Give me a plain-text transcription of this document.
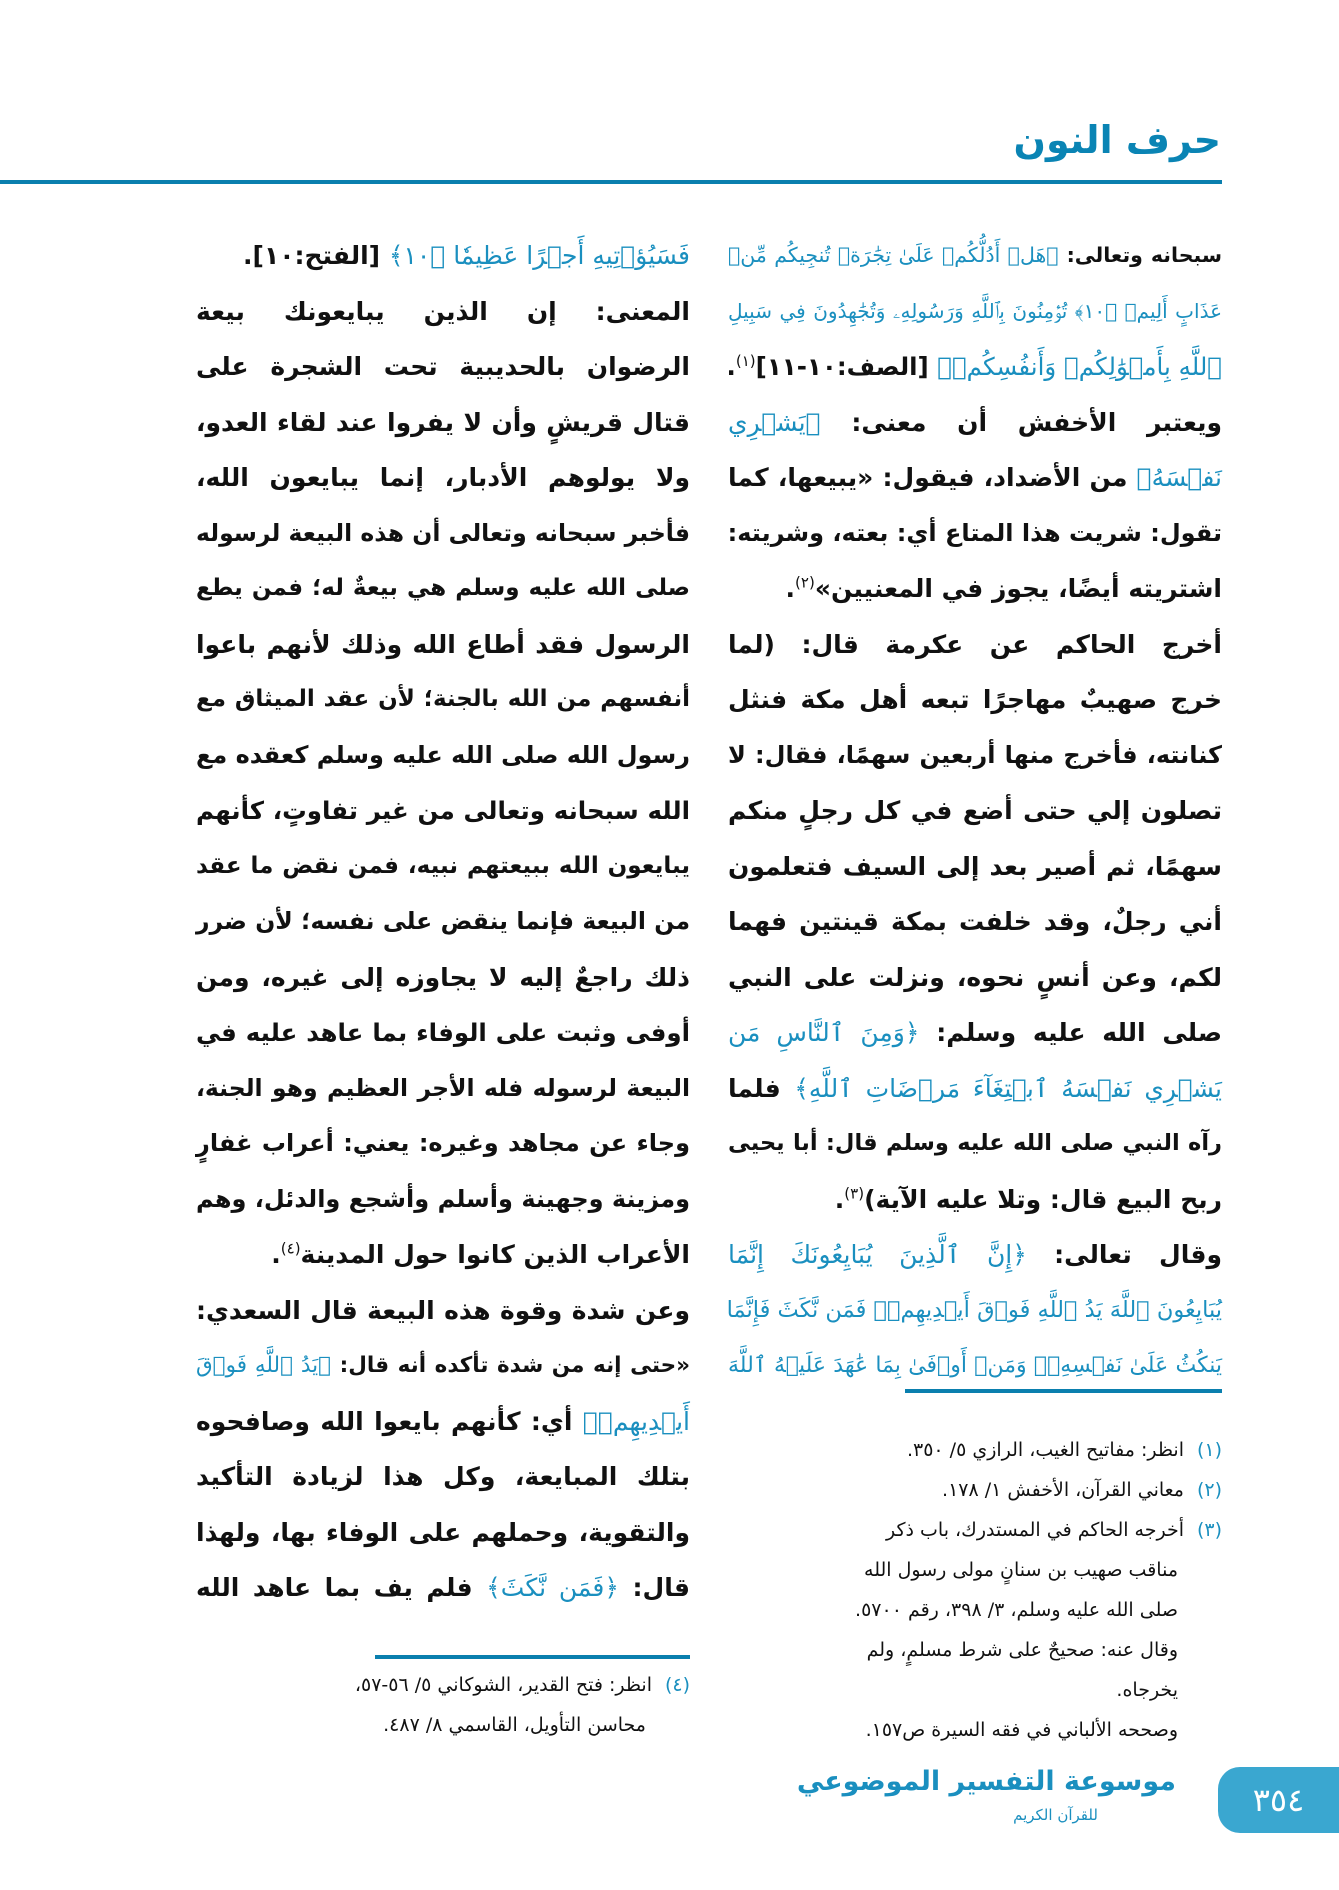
حرف النون
سبحانه وتعالى: ﴿هَلۡ أَدُلُّكُمۡ عَلَىٰ تِجَٰرَةٖ تُنجِيكُم مِّنۡ
عَذَابٍ أَلِيمٖ ﴿١٠﴾ تُؤۡمِنُونَ بِٱللَّهِ وَرَسُولِهِۦ وَتُجَٰهِدُونَ فِي سَبِيلِ
ٱللَّهِ بِأَمۡوَٰلِكُمۡ وَأَنفُسِكُمۡ﴾ [الصف:١٠-١١]$^{(١)}$.
ويعتبر الأخفش أن معنى: ﴿يَشۡرِي
نَفۡسَهُ﴾ من الأضداد، فيقول: «يبيعها، كما
تقول: شريت هذا المتاع أي: بعته، وشريته:
اشتريته أيضًا، يجوز في المعنيين»$^{(٢)}$.
أخرج الحاكم عن عكرمة قال: (لما
خرج صهيبٌ مهاجرًا تبعه أهل مكة فنثل
كنانته، فأخرج منها أربعين سهمًا، فقال: لا
تصلون إلي حتى أضع في كل رجلٍ منكم
سهمًا، ثم أصير بعد إلى السيف فتعلمون
أني رجلٌ، وقد خلفت بمكة قينتين فهما
لكم، وعن أنسٍ نحوه، ونزلت على النبي
صلى الله عليه وسلم: ﴿وَمِنَ ٱلنَّاسِ مَن
يَشۡرِي نَفۡسَهُ ٱبۡتِغَآءَ مَرۡضَاتِ ٱللَّهِ﴾ فلما
رآه النبي صلى الله عليه وسلم قال: أبا يحيى
ربح البيع قال: وتلا عليه الآية)$^{(٣)}$.
وقال تعالى: ﴿إِنَّ ٱلَّذِينَ يُبَايِعُونَكَ إِنَّمَا
يُبَايِعُونَ ٱللَّهَ يَدُ ٱللَّهِ فَوۡقَ أَيۡدِيهِمۡۚ فَمَن نَّكَثَ فَإِنَّمَا
يَنكُثُ عَلَىٰ نَفۡسِهِۦۖ وَمَنۡ أَوۡفَىٰ بِمَا عَٰهَدَ عَلَيۡهُ ٱللَّهَ
فَسَيُؤۡتِيهِ أَجۡرًا عَظِيمٗا ﴿١٠﴾ [الفتح:١٠].
المعنى: إن الذين يبايعونك بيعة
الرضوان بالحديبية تحت الشجرة على
قتال قريشٍ وأن لا يفروا عند لقاء العدو،
ولا يولوهم الأدبار، إنما يبايعون الله،
فأخبر سبحانه وتعالى أن هذه البيعة لرسوله
صلى الله عليه وسلم هي بيعةٌ له؛ فمن يطع
الرسول فقد أطاع الله وذلك لأنهم باعوا
أنفسهم من الله بالجنة؛ لأن عقد الميثاق مع
رسول الله صلى الله عليه وسلم كعقده مع
الله سبحانه وتعالى من غير تفاوتٍ، كأنهم
يبايعون الله ببيعتهم نبيه، فمن نقض ما عقد
من البيعة فإنما ينقض على نفسه؛ لأن ضرر
ذلك راجعٌ إليه لا يجاوزه إلى غيره، ومن
أوفى وثبت على الوفاء بما عاهد عليه في
البيعة لرسوله فله الأجر العظيم وهو الجنة،
وجاء عن مجاهد وغيره: يعني: أعراب غفارٍ
ومزينة وجهينة وأسلم وأشجع والدئل، وهم
الأعراب الذين كانوا حول المدينة$^{(٤)}$.
وعن شدة وقوة هذه البيعة قال السعدي:
«حتى إنه من شدة تأكده أنه قال: ﴿يَدُ ٱللَّهِ فَوۡقَ
أَيۡدِيهِمۡ﴾ أي: كأنهم بايعوا الله وصافحوه
بتلك المبايعة، وكل هذا لزيادة التأكيد
والتقوية، وحملهم على الوفاء بها، ولهذا
قال: ﴿فَمَن نَّكَثَ﴾ فلم يف بما عاهد الله
(١)انظر: مفاتيح الغيب، الرازي ٥/ ٣٥٠.
(٢)معاني القرآن، الأخفش ١/ ١٧٨.
(٣)أخرجه الحاكم في المستدرك، باب ذكر
مناقب صهيب بن سنانٍ مولى رسول الله
صلى الله عليه وسلم، ٣/ ٣٩٨، رقم ٥٧٠٠.
وقال عنه: صحيحٌ على شرط مسلمٍ، ولم
يخرجاه.
وصححه الألباني في فقه السيرة ص١٥٧.
(٤)انظر: فتح القدير، الشوكاني ٥/ ٥٦-٥٧،
محاسن التأويل، القاسمي ٨/ ٤٨٧.
موسوعة التفسير الموضوعي
للقرآن الكريم	٣٥٤
